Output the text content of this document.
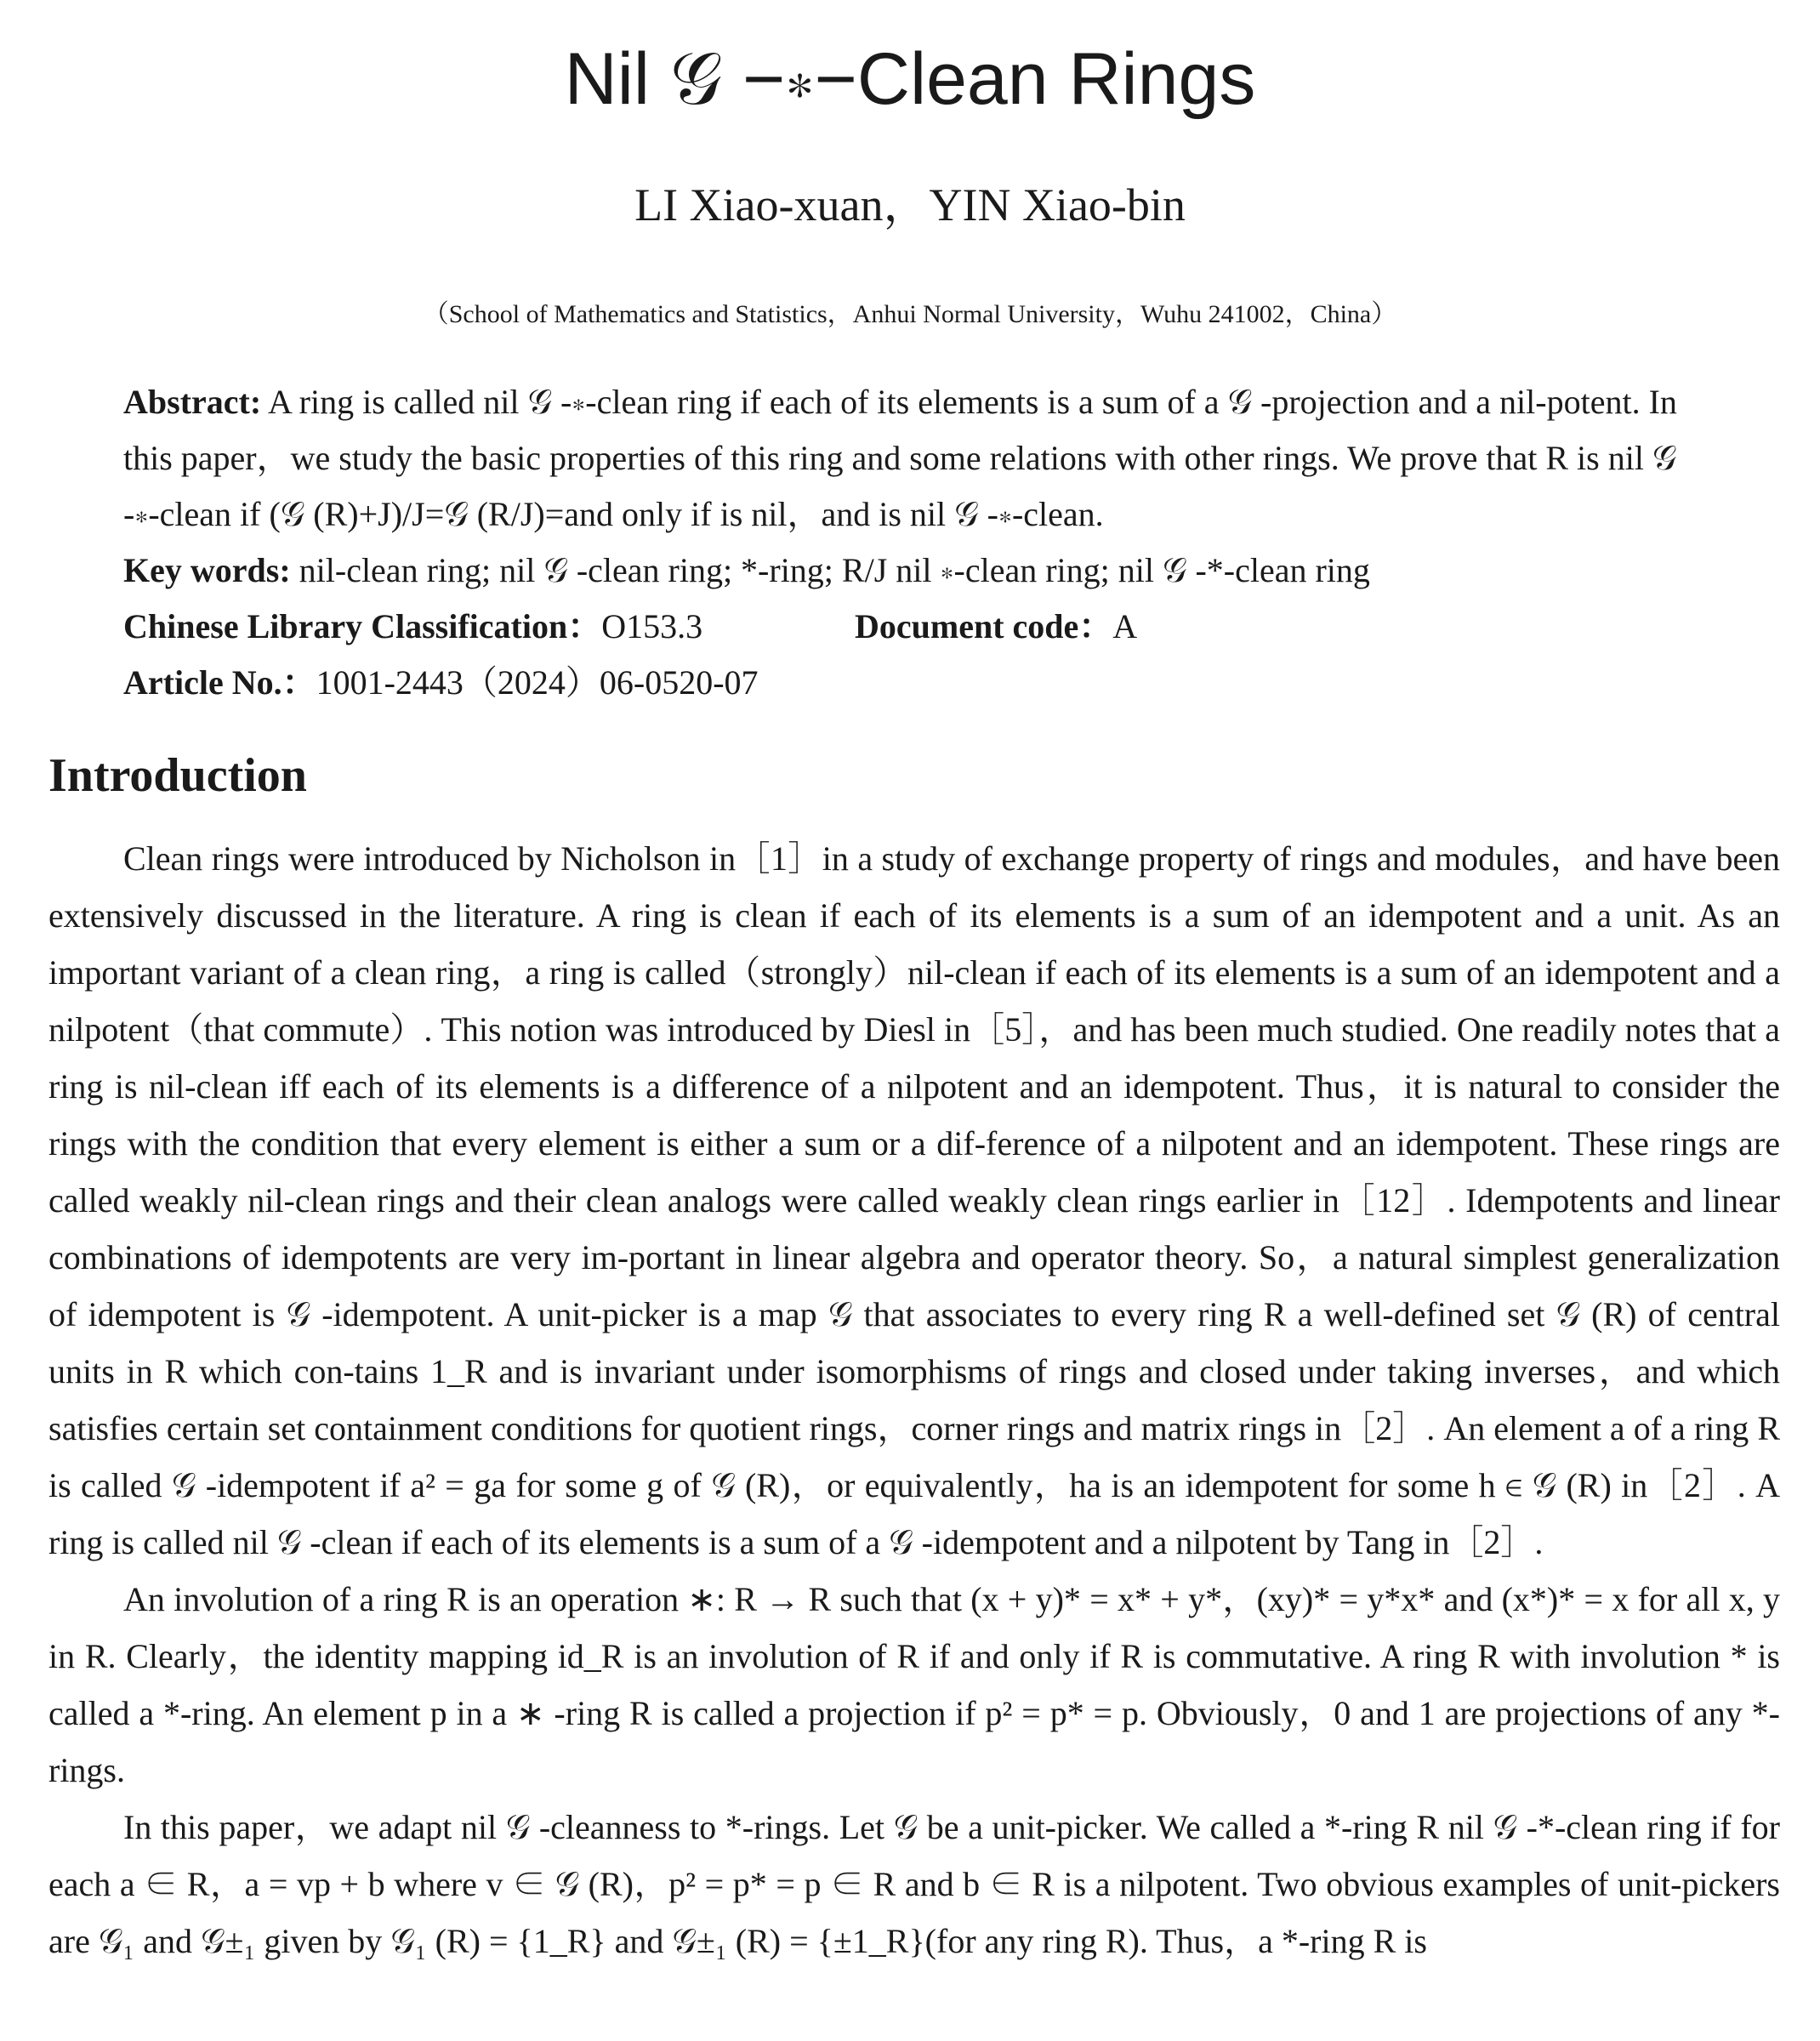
Nil 𝒢 −∗−Clean Rings
LI Xiao-xuan，YIN Xiao-bin
（School of Mathematics and Statistics，Anhui Normal University，Wuhu 241002，China）

Abstract: A ring is called nil 𝒢 -∗-clean ring if each of its elements is a sum of a 𝒢 -projection and a nil-potent. In this paper，we study the basic properties of this ring and some relations with other rings. We prove that R is nil 𝒢 -∗-clean if (𝒢 (R)+J)/J=𝒢 (R/J)=and only if is nil，and is nil 𝒢 -∗-clean.

Key words: nil-clean ring; nil 𝒢 -clean ring; *-ring; R/J nil ∗-clean ring; nil 𝒢 -*-clean ring

Chinese Library Classification：O153.3	Document code：A

Article No.：1001-2443（2024）06-0520-07

Introduction

Clean rings were introduced by Nicholson in［1］in a study of exchange property of rings and modules，and have been extensively discussed in the literature. A ring is clean if each of its elements is a sum of an idempotent and a unit. As an important variant of a clean ring，a ring is called（strongly）nil-clean if each of its elements is a sum of an idempotent and a nilpotent（that commute）. This notion was introduced by Diesl in［5］，and has been much studied. One readily notes that a ring is nil-clean iff each of its elements is a difference of a nilpotent and an idempotent. Thus，it is natural to consider the rings with the condition that every element is either a sum or a dif-ference of a nilpotent and an idempotent. These rings are called weakly nil-clean rings and their clean analogs were called weakly clean rings earlier in［12］. Idempotents and linear combinations of idempotents are very im-portant in linear algebra and operator theory. So，a natural simplest generalization of idempotent is 𝒢 -idempotent. A unit-picker is a map 𝒢 that associates to every ring R a well-defined set 𝒢 (R) of central units in R which con-tains 1_R and is invariant under isomorphisms of rings and closed under taking inverses，and which satisfies certain set containment conditions for quotient rings，corner rings and matrix rings in［2］. An element a of a ring R is called 𝒢 -idempotent if a² = ga for some g of 𝒢 (R)，or equivalently，ha is an idempotent for some h ∈ 𝒢 (R) in［2］. A ring is called nil 𝒢 -clean if each of its elements is a sum of a 𝒢 -idempotent and a nilpotent by Tang in［2］.

An involution of a ring R is an operation ∗: R → R such that (x + y)* = x* + y*，(xy)* = y*x* and (x*)* = x for all x, y in R. Clearly，the identity mapping id_R is an involution of R if and only if R is commutative. A ring R with involution * is called a *-ring. An element p in a ∗ -ring R is called a projection if p² = p* = p. Obviously，0 and 1 are projections of any *-rings.

In this paper，we adapt nil 𝒢 -cleanness to *-rings. Let 𝒢 be a unit-picker. We called a *-ring R nil 𝒢 -*-clean ring if for each a ∈ R，a = vp + b where v ∈ 𝒢 (R)，p² = p* = p ∈ R and b ∈ R is a nilpotent. Two obvious examples of unit-pickers are 𝒢₁ and 𝒢±₁ given by 𝒢₁ (R) = {1_R} and 𝒢±₁ (R) = {±1_R}(for any ring R). Thus，a *-ring R is
